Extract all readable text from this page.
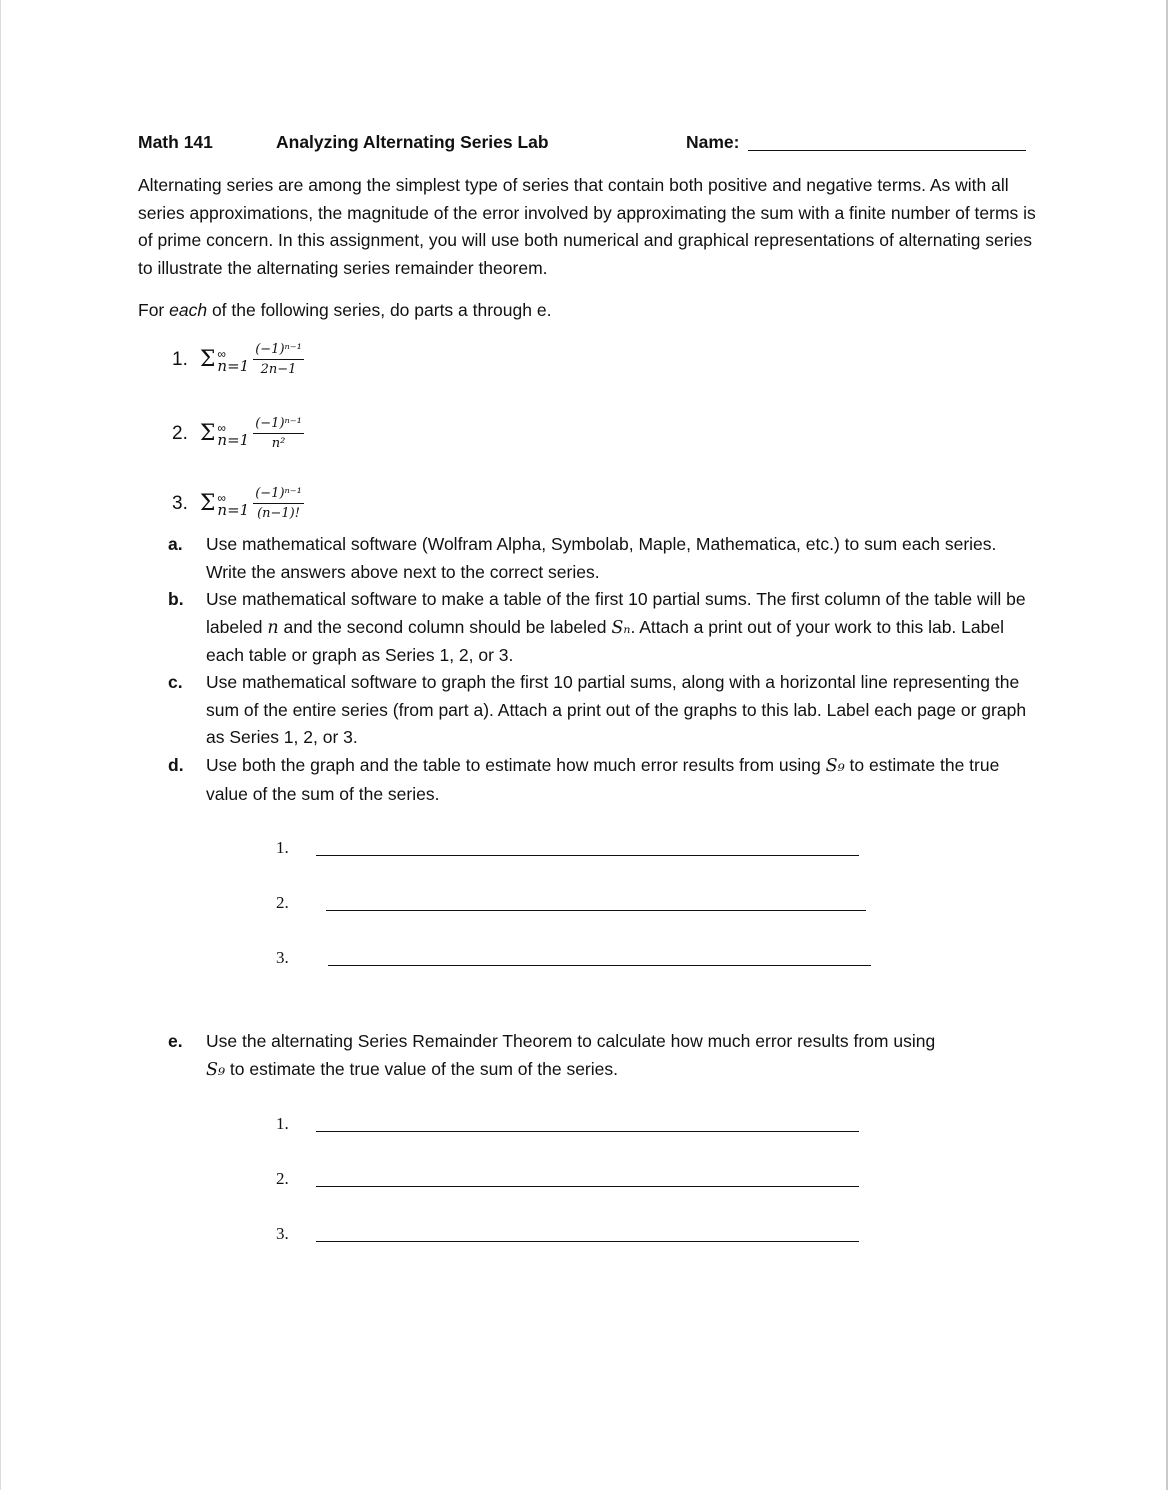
Math 141	Analyzing Alternating Series Lab	Name:
Alternating series are among the simplest type of series that contain both positive and negative terms. As with all series approximations, the magnitude of the error involved by approximating the sum with a finite number of terms is of prime concern. In this assignment, you will use both numerical and graphical representations of alternating series to illustrate the alternating series remainder theorem.
For each of the following series, do parts a through e.
1. Σ ∞
$n=1 \frac{\text{(−1)ⁿ⁻¹}}{2n-1}$
2. Σ ∞
$n=1 \frac{\text{(−1)ⁿ⁻¹}}{\text{n²}}$
3. Σ ∞
$n=1 \frac{\text{(−1)ⁿ⁻¹}}{(n-1)!}$
a. Use mathematical software (Wolfram Alpha, Symbolab, Maple, Mathematica, etc.) to sum each series. Write the answers above next to the correct series.
b. Use mathematical software to make a table of the first 10 partial sums. The first column of the table will be labeled n and the second column should be labeled Sₙ. Attach a print out of your work to this lab. Label each table or graph as Series 1, 2, or 3.
c. Use mathematical software to graph the first 10 partial sums, along with a horizontal line representing the sum of the entire series (from part a). Attach a print out of the graphs to this lab. Label each page or graph as Series 1, 2, or 3.
d. Use both the graph and the table to estimate how much error results from using S₉ to estimate the true value of the sum of the series.
1.
2.
3.
e. Use the alternating Series Remainder Theorem to calculate how much error results from using
S₉ to estimate the true value of the sum of the series.
1.
2.
3.
